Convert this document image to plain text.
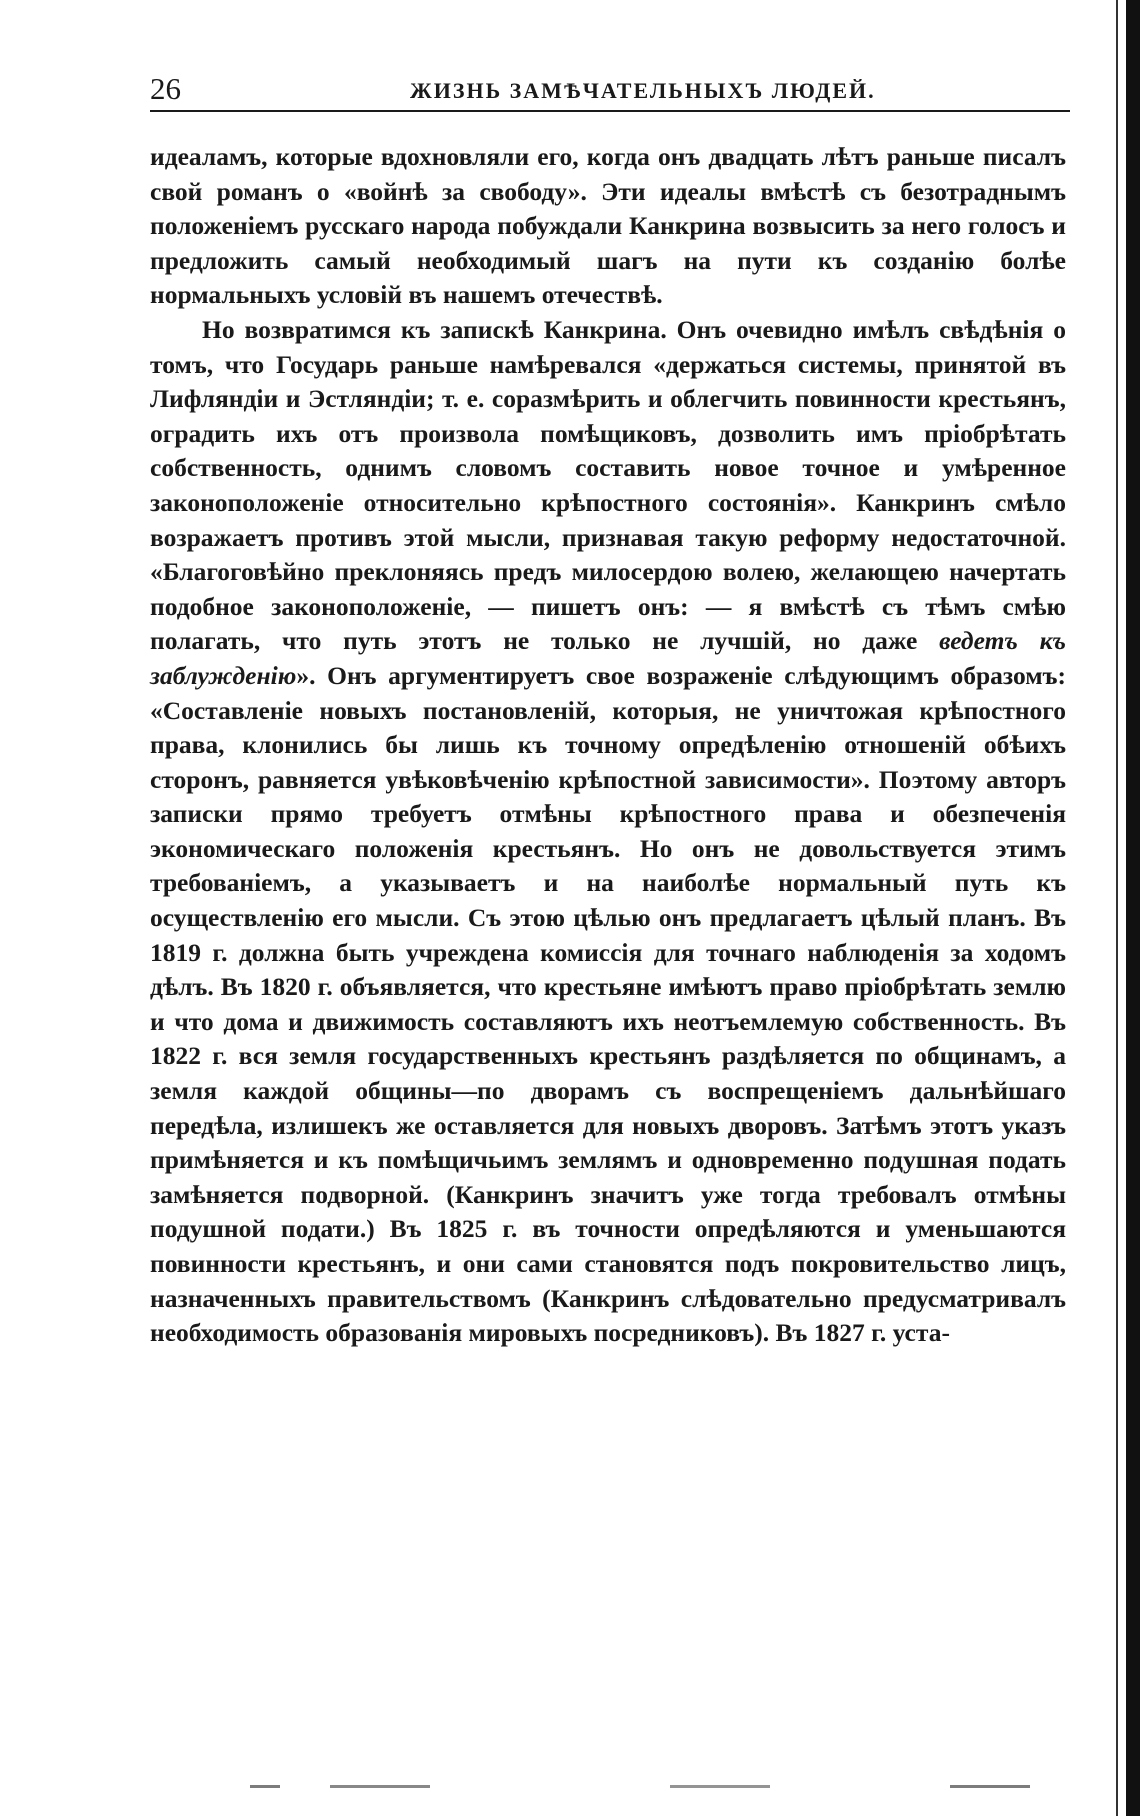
26	ЖИЗНЬ ЗАМѢЧАТЕЛЬНЫХЪ ЛЮДЕЙ.

идеаламъ, которые вдохновляли его, когда онъ двадцать лѣтъ раньше писалъ свой романъ о «войнѣ за свободу». Эти идеалы вмѣстѣ съ безотраднымъ положеніемъ русскаго народа побуждали Канкрина возвысить за него голосъ и предложить самый необходимый шагъ на пути къ созданію болѣе нормальныхъ условій въ нашемъ отечествѣ.

Но возвратимся къ запискѣ Канкрина. Онъ очевидно имѣлъ свѣдѣнія о томъ, что Государь раньше намѣревался «держаться системы, принятой въ Лифляндіи и Эстляндіи; т. е. соразмѣрить и облегчить повинности крестьянъ, оградить ихъ отъ произвола помѣщиковъ, дозволить имъ пріобрѣтать собственность, однимъ словомъ составить новое точное и умѣренное законоположеніе относительно крѣпостного состоянія». Канкринъ смѣло возражаетъ противъ этой мысли, признавая такую реформу недостаточной. «Благоговѣйно преклоняясь предъ милосердою волею, желающею начертать подобное законоположеніе, — пишетъ онъ: — я вмѣстѣ съ тѣмъ смѣю полагать, что путь этотъ не только не лучшій, но даже ведетъ къ заблужденію». Онъ аргументируетъ свое возраженіе слѣдующимъ образомъ: «Составленіе новыхъ постановленій, которыя, не уничтожая крѣпостного права, клонились бы лишь къ точному опредѣленію отношеній обѣихъ сторонъ, равняется увѣковѣченію крѣпостной зависимости». Поэтому авторъ записки прямо требуетъ отмѣны крѣпостного права и обезпеченія экономическаго положенія крестьянъ. Но онъ не довольствуется этимъ требованіемъ, а указываетъ и на наиболѣе нормальный путь къ осуществленію его мысли. Съ этою цѣлью онъ предлагаетъ цѣлый планъ. Въ 1819 г. должна быть учреждена комиссія для точнаго наблюденія за ходомъ дѣлъ. Въ 1820 г. объявляется, что крестьяне имѣютъ право пріобрѣтать землю и что дома и движимость составляютъ ихъ неотъемлемую собственность. Въ 1822 г. вся земля государственныхъ крестьянъ раздѣляется по общинамъ, а земля каждой общины—по дворамъ съ воспрещеніемъ дальнѣйшаго передѣла, излишекъ же оставляется для новыхъ дворовъ. Затѣмъ этотъ указъ примѣняется и къ помѣщичьимъ землямъ и одновременно подушная подать замѣняется подворной. (Канкринъ значитъ уже тогда требовалъ отмѣны подушной подати.) Въ 1825 г. въ точности опредѣляются и уменьшаются повинности крестьянъ, и они сами становятся подъ покровительство лицъ, назначенныхъ правительствомъ (Канкринъ слѣдовательно предусматривалъ необходимость образованія мировыхъ посредниковъ). Въ 1827 г. уста-
